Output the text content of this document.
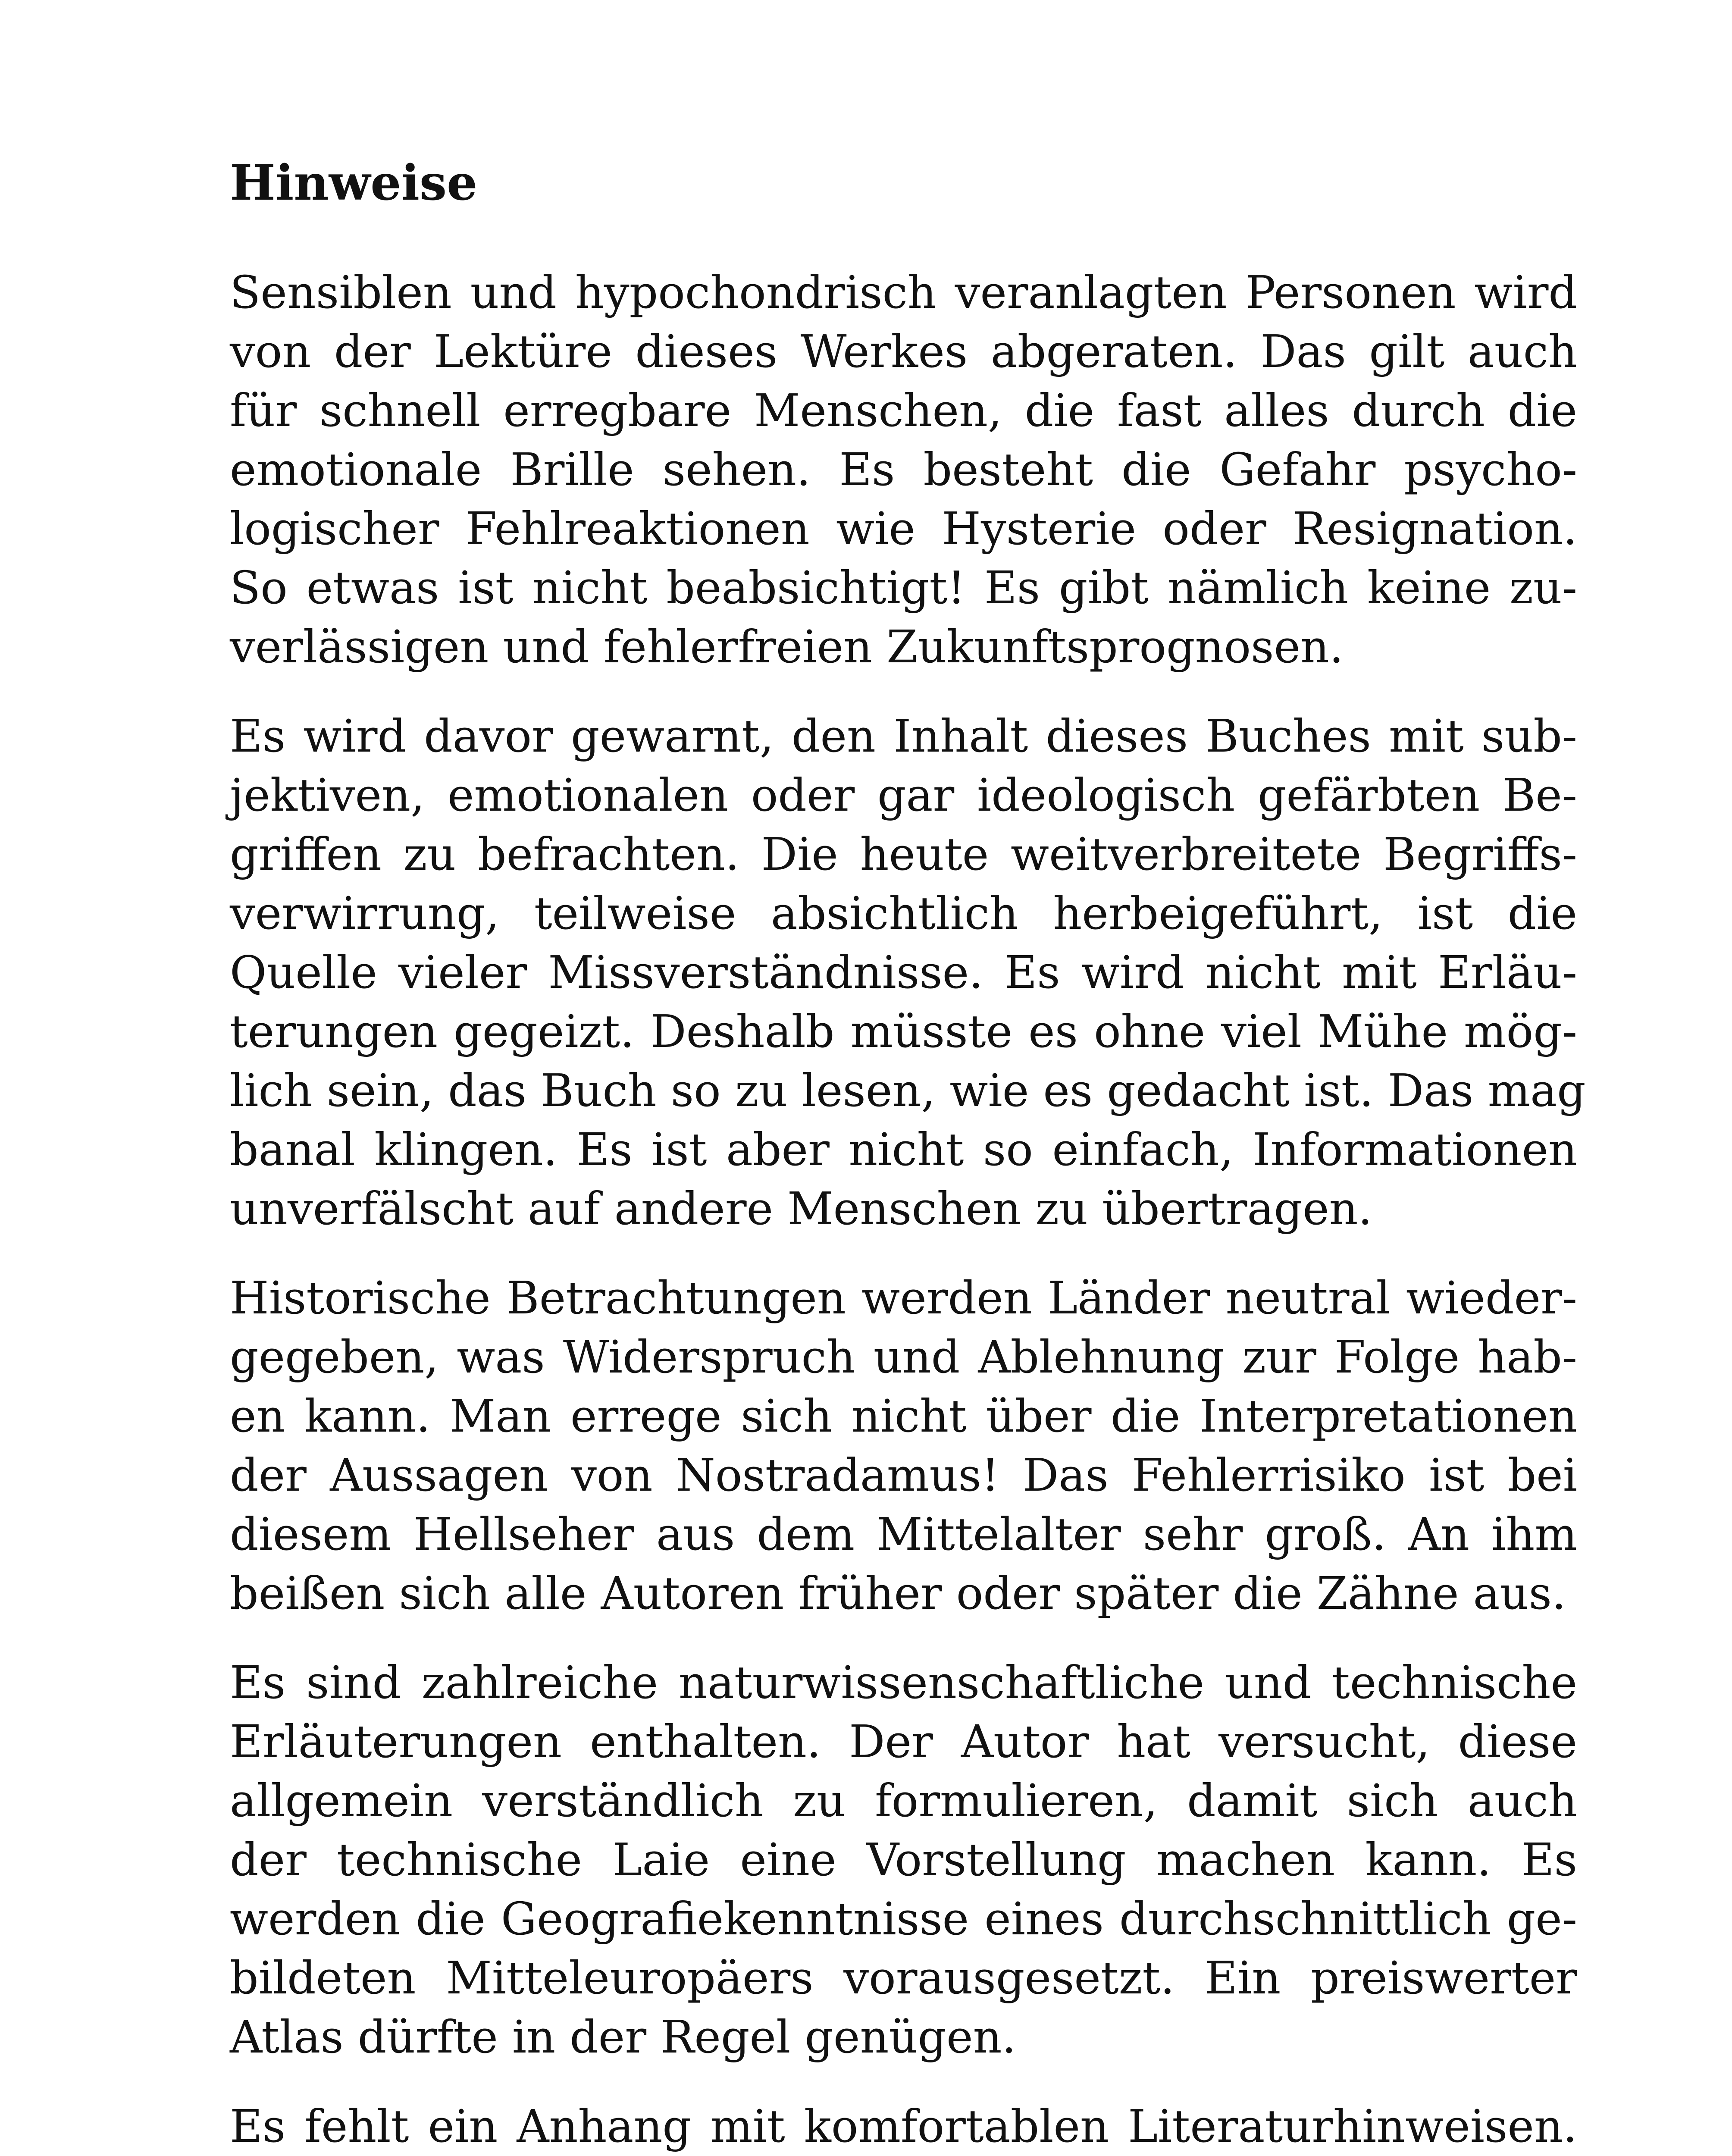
Hinweise

Sensiblen und hypochondrisch veranlagten Personen wird
von der Lektüre dieses Werkes abgeraten. Das gilt auch
für schnell erregbare Menschen, die fast alles durch die
emotionale Brille sehen. Es besteht die Gefahr psycho-
logischer Fehlreaktionen wie Hysterie oder Resignation.
So etwas ist nicht beabsichtigt! Es gibt nämlich keine zu-
verlässigen und fehlerfreien Zukunftsprognosen.

Es wird davor gewarnt, den Inhalt dieses Buches mit sub-
jektiven, emotionalen oder gar ideologisch gefärbten Be-
griffen zu befrachten. Die heute weitverbreitete Begriffs-
verwirrung, teilweise absichtlich herbeigeführt, ist die
Quelle vieler Missverständnisse. Es wird nicht mit Erläu-
terungen gegeizt. Deshalb müsste es ohne viel Mühe mög-
lich sein, das Buch so zu lesen, wie es gedacht ist. Das mag
banal klingen. Es ist aber nicht so einfach, Informationen
unverfälscht auf andere Menschen zu übertragen.

Historische Betrachtungen werden Länder neutral wieder-
gegeben, was Widerspruch und Ablehnung zur Folge hab-
en kann. Man errege sich nicht über die Interpretationen
der Aussagen von Nostradamus! Das Fehlerrisiko ist bei
diesem Hellseher aus dem Mittelalter sehr groß. An ihm
beißen sich alle Autoren früher oder später die Zähne aus.

Es sind zahlreiche naturwissenschaftliche und technische
Erläuterungen enthalten. Der Autor hat versucht, diese
allgemein verständlich zu formulieren, damit sich auch
der technische Laie eine Vorstellung machen kann. Es
werden die Geografiekenntnisse eines durchschnittlich ge-
bildeten Mitteleuropäers vorausgesetzt. Ein preiswerter
Atlas dürfte in der Regel genügen.

Es fehlt ein Anhang mit komfortablen Literaturhinweisen.
